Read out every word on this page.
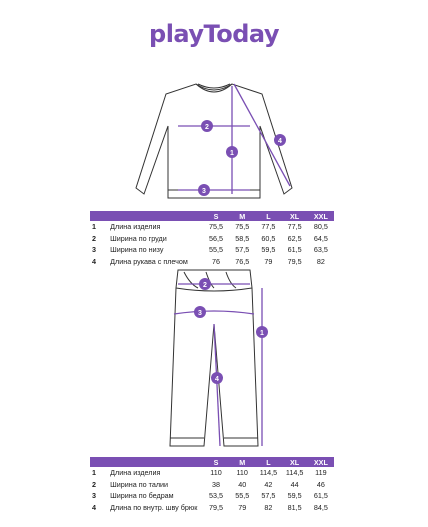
playToday
1
2
3
4
		S	M	L	XL	XXL
1	Длина изделия	75,5	75,5	77,5	77,5	80,5
2	Ширина по груди	56,5	58,5	60,5	62,5	64,5
3	Ширина по низу	55,5	57,5	59,5	61,5	63,5
4	Длина рукава с плечом	76	76,5	79	79,5	82
1
2
3
4
		S	M	L	XL	XXL
1	Длина изделия	110	110	114,5	114,5	119
2	Ширина по талии	38	40	42	44	46
3	Ширина по бедрам	53,5	55,5	57,5	59,5	61,5
4	Длина по внутр. шву брюк	79,5	79	82	81,5	84,5
